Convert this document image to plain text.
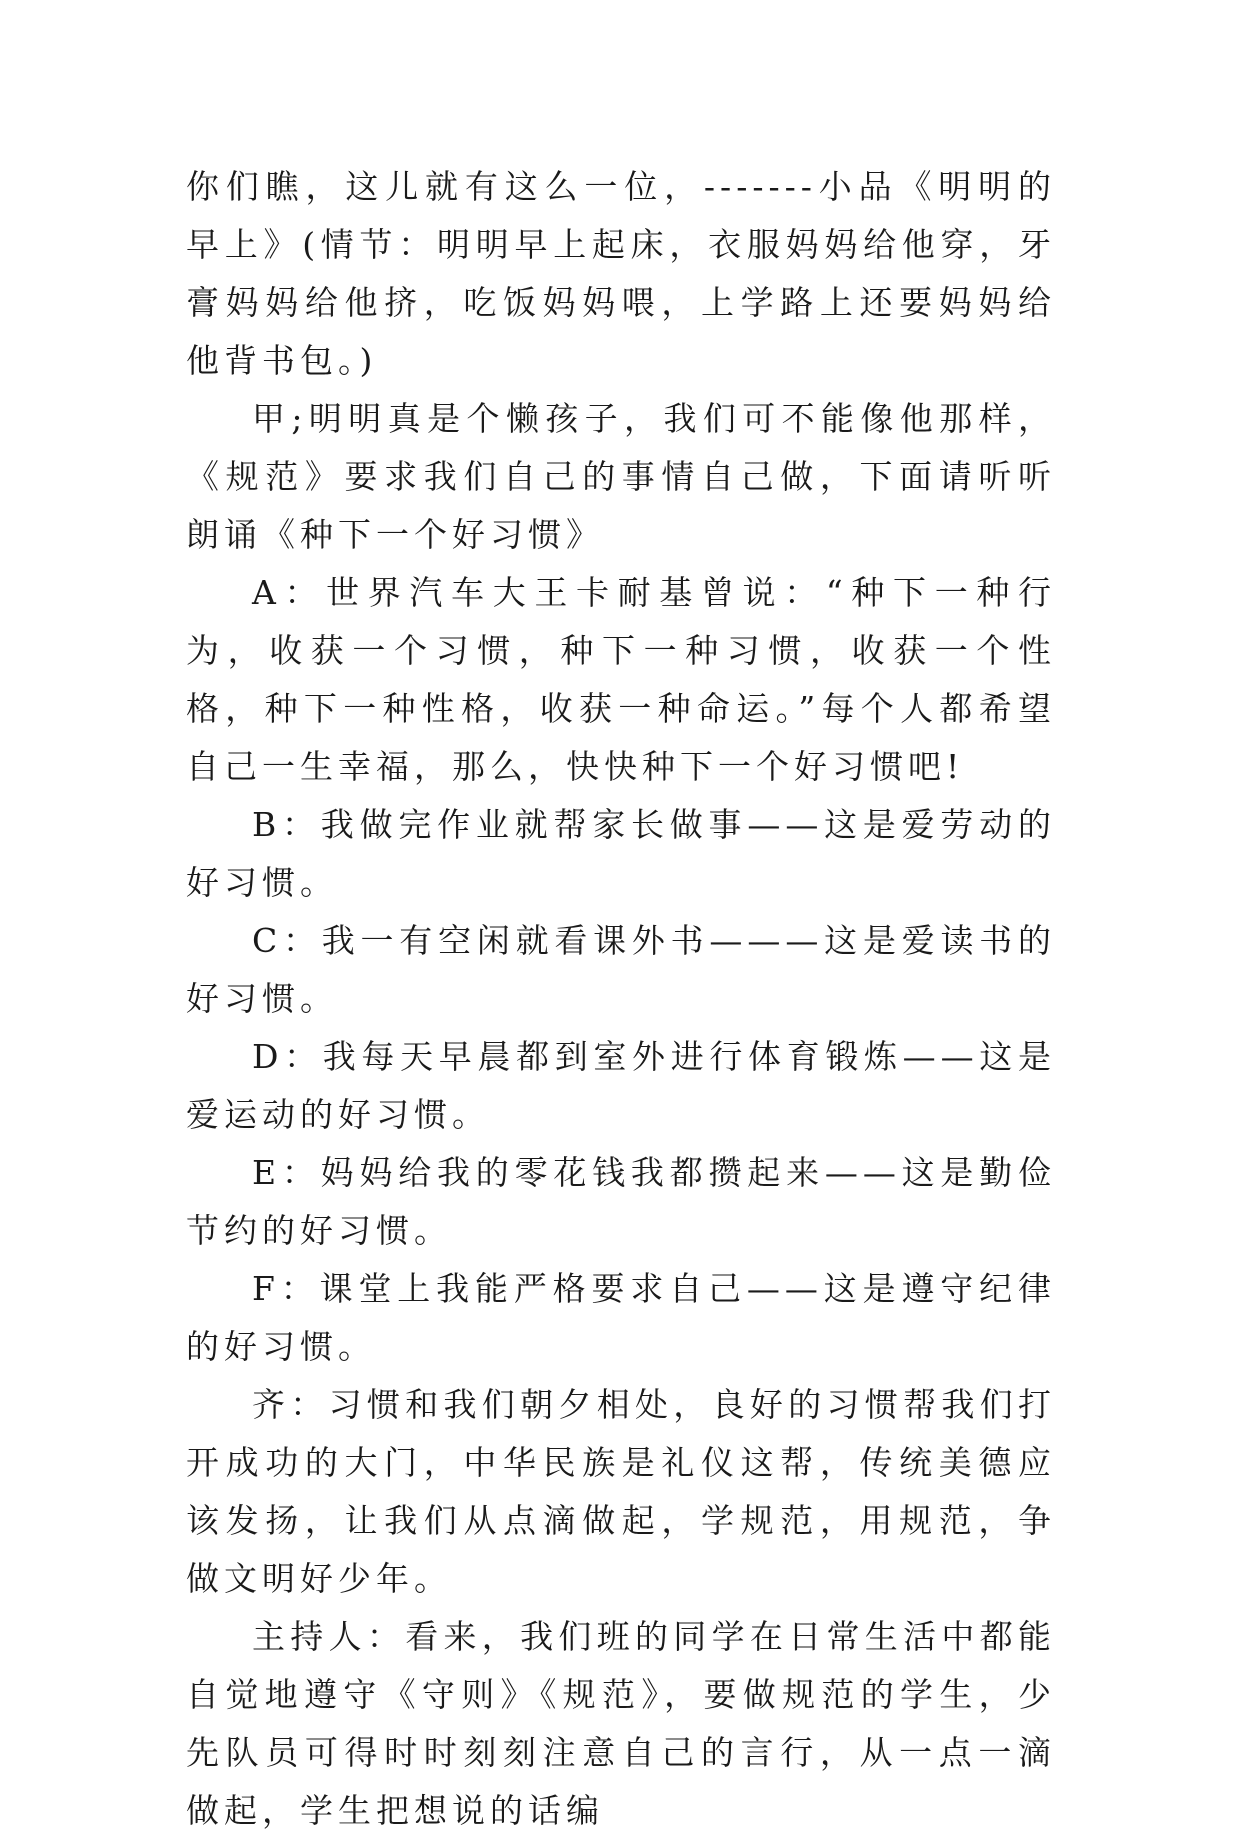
你们瞧，这儿就有这么一位，-------小品《明明的早上》(情节：明明早上起床，衣服妈妈给他穿，牙膏妈妈给他挤，吃饭妈妈喂，上学路上还要妈妈给他背书包。)

甲;明明真是个懒孩子，我们可不能像他那样，《规范》要求我们自己的事情自己做，下面请听听朗诵《种下一个好习惯》

A：世界汽车大王卡耐基曾说：“种下一种行为，收获一个习惯，种下一种习惯，收获一个性格，种下一种性格，收获一种命运。”每个人都希望自己一生幸福，那么，快快种下一个好习惯吧!

B：我做完作业就帮家长做事——这是爱劳动的好习惯。

C：我一有空闲就看课外书———这是爱读书的好习惯。

D：我每天早晨都到室外进行体育锻炼——这是爱运动的好习惯。

E：妈妈给我的零花钱我都攒起来——这是勤俭节约的好习惯。

F：课堂上我能严格要求自己——这是遵守纪律的好习惯。

齐：习惯和我们朝夕相处，良好的习惯帮我们打开成功的大门，中华民族是礼仪这帮，传统美德应该发扬，让我们从点滴做起，学规范，用规范，争做文明好少年。

主持人：看来，我们班的同学在日常生活中都能自觉地遵守《守则》《规范》，要做规范的学生，少先队员可得时时刻刻注意自己的言行，从一点一滴做起，学生把想说的话编
